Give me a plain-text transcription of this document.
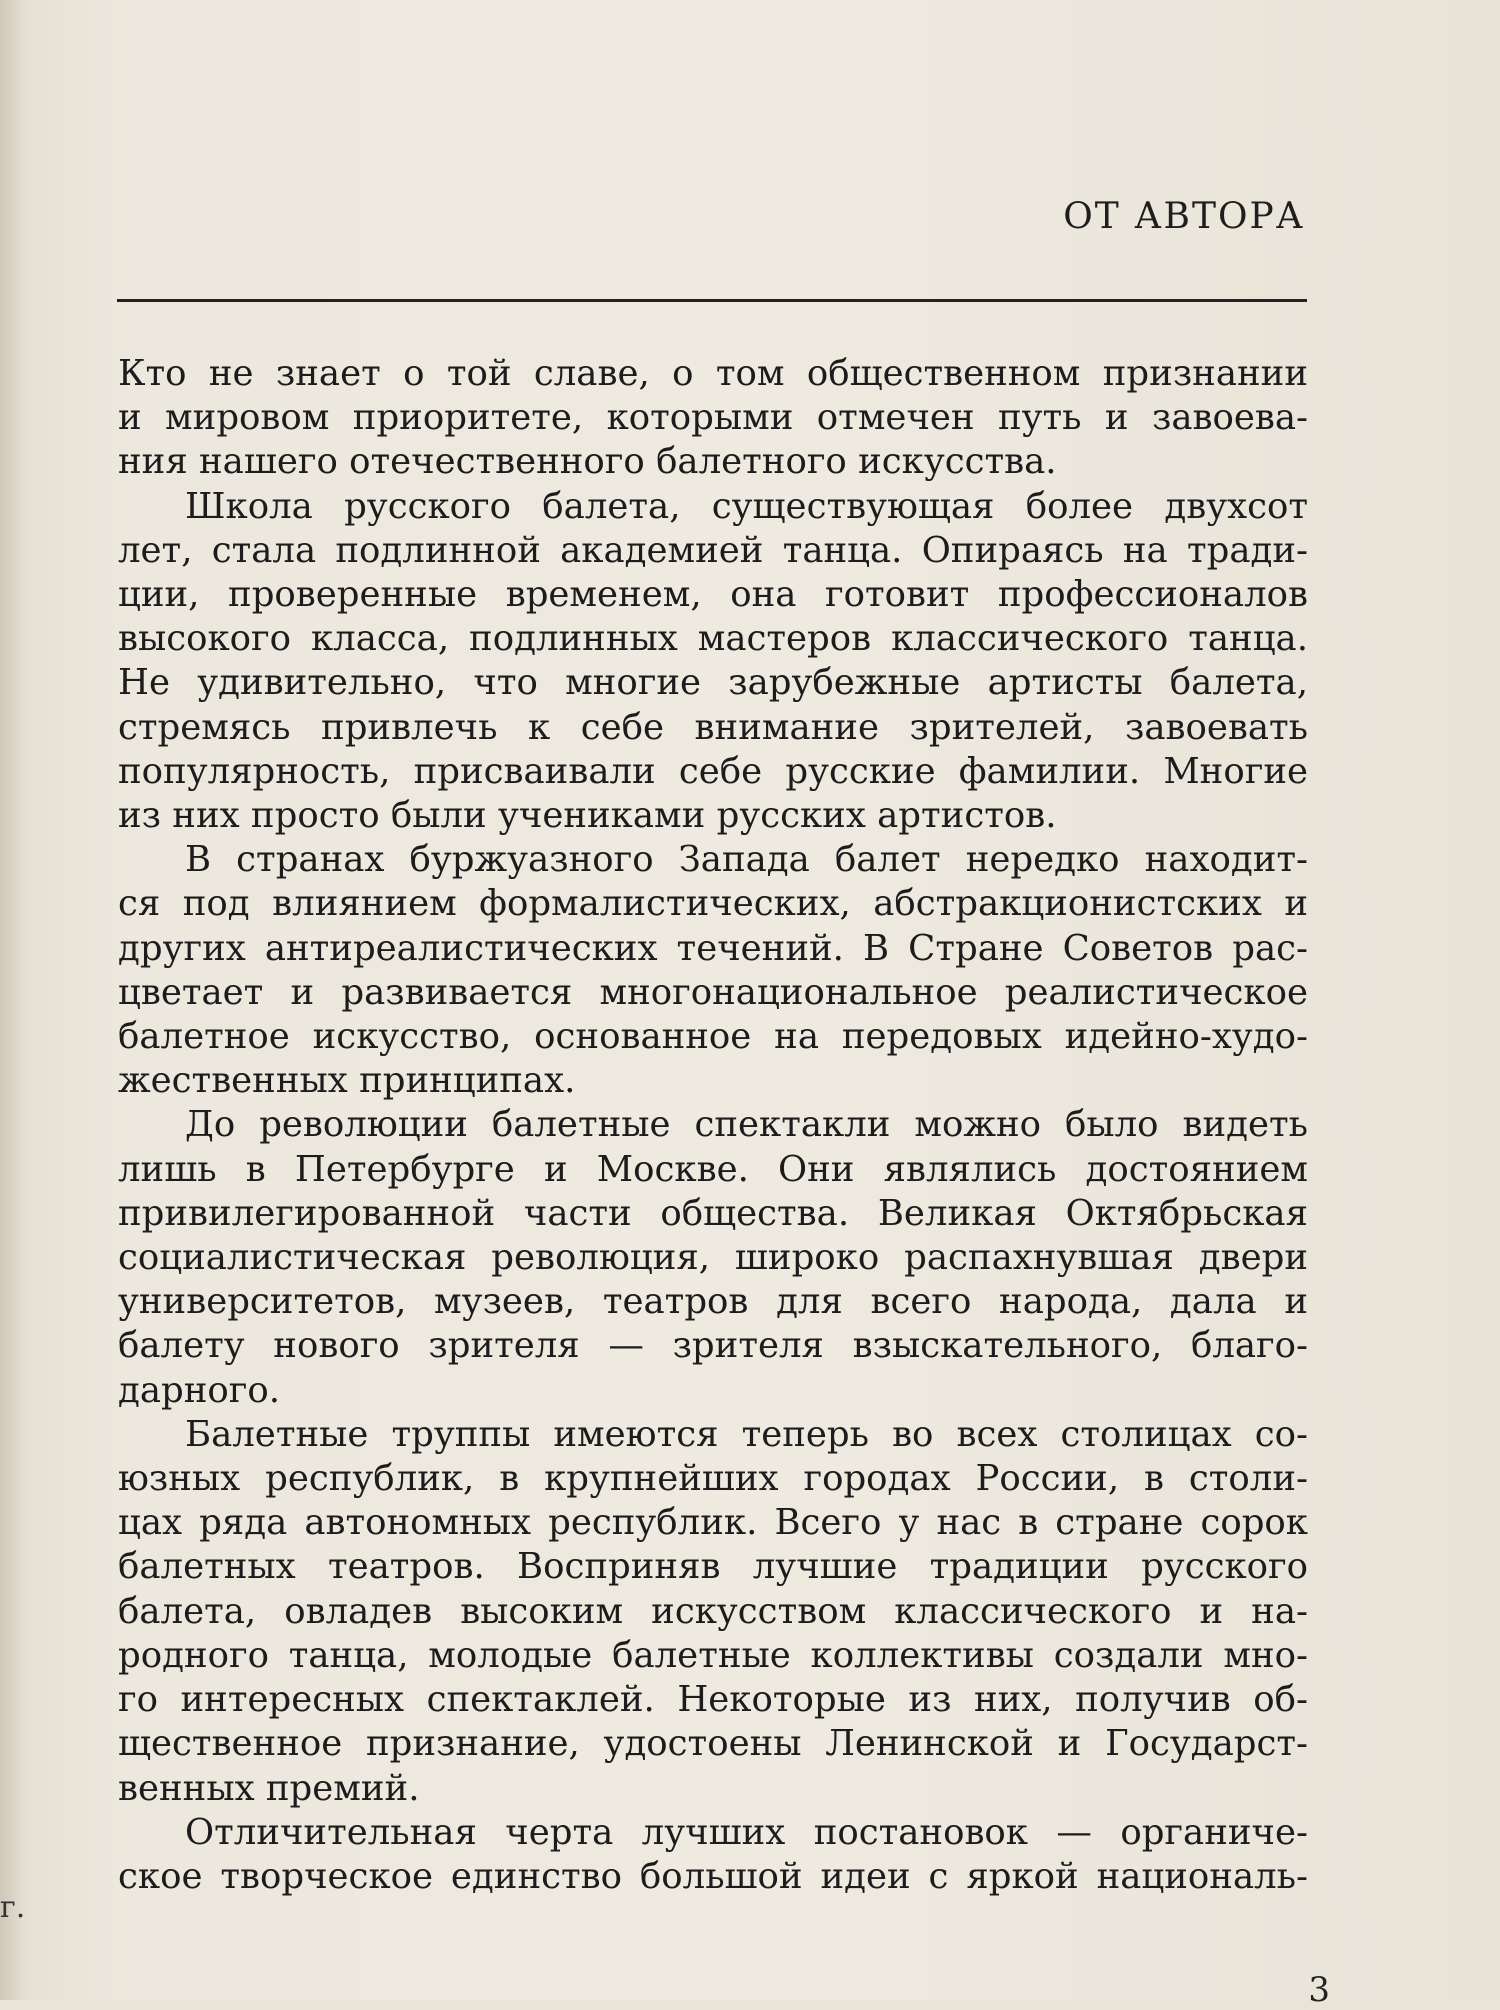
ОТ АВТОРА
Кто не знает о той славе, о том общественном признании
и мировом приоритете, которыми отмечен путь и завоева-
ния нашего отечественного балетного искусства.
Школа русского балета, существующая более двухсот
лет, стала подлинной академией танца. Опираясь на тради-
ции, проверенные временем, она готовит профессионалов
высокого класса, подлинных мастеров классического танца.
Не удивительно, что многие зарубежные артисты балета,
стремясь привлечь к себе внимание зрителей, завоевать
популярность, присваивали себе русские фамилии. Многие
из них просто были учениками русских артистов.
В странах буржуазного Запада балет нередко находит-
ся под влиянием формалистических, абстракционистских и
других антиреалистических течений. В Стране Советов рас-
цветает и развивается многонациональное реалистическое
балетное искусство, основанное на передовых идейно-худо-
жественных принципах.
До революции балетные спектакли можно было видеть
лишь в Петербурге и Москве. Они являлись достоянием
привилегированной части общества. Великая Октябрьская
социалистическая революция, широко распахнувшая двери
университетов, музеев, театров для всего народа, дала и
балету нового зрителя — зрителя взыскательного, благо-
дарного.
Балетные труппы имеются теперь во всех столицах со-
юзных республик, в крупнейших городах России, в столи-
цах ряда автономных республик. Всего у нас в стране сорок
балетных театров. Восприняв лучшие традиции русского
балета, овладев высоким искусством классического и на-
родного танца, молодые балетные коллективы создали мно-
го интересных спектаклей. Некоторые из них, получив об-
щественное признание, удостоены Ленинской и Государст-
венных премий.
Отличительная черта лучших постановок — органиче-
ское творческое единство большой идеи с яркой националь-
г.
3
